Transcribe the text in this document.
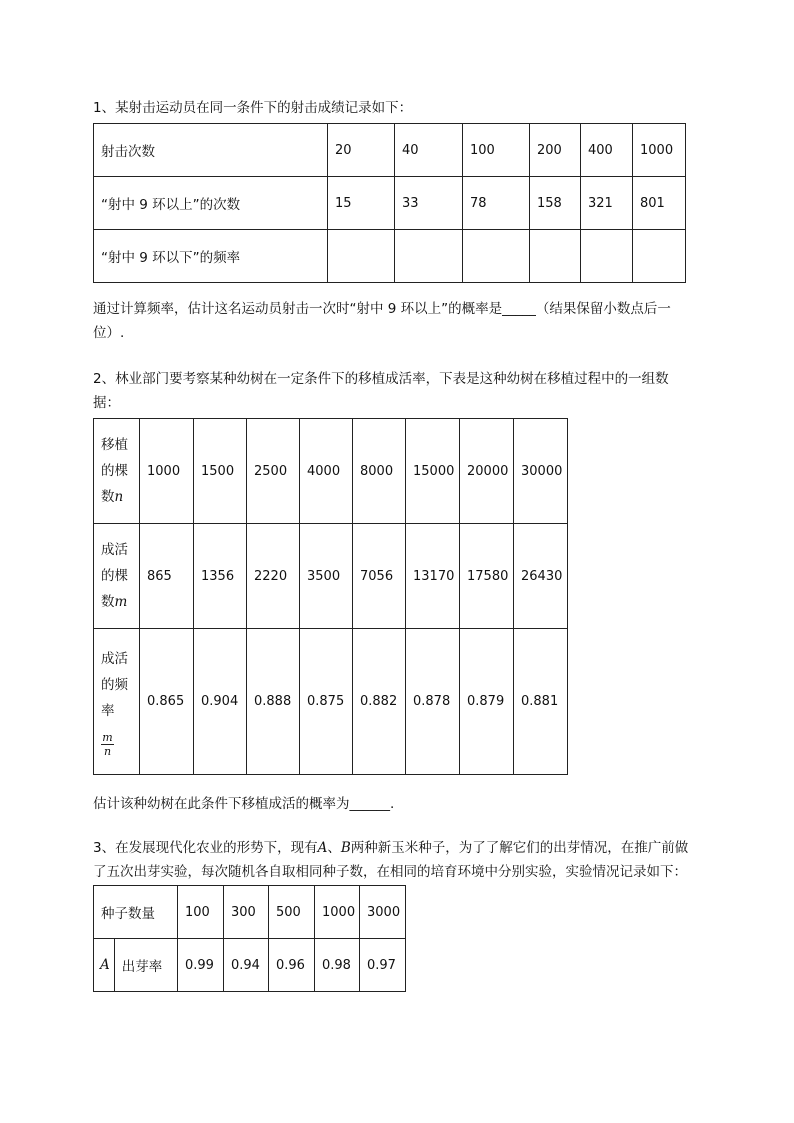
1、某射击运动员在同一条件下的射击成绩记录如下：

射击次数	20	40	100	200	400	1000
“射中 9 环以上”的次数	15	33	78	158	321	801
“射中 9 环以下”的频率						

通过计算频率，估计这名运动员射击一次时“射中 9 环以上”的概率是_____（结果保留小数点后一
位）.

2、林业部门要考察某种幼树在一定条件下的移植成活率，下表是这种幼树在移植过程中的一组数
据：

移植
的棵
数n	1000	1500	2500	4000	8000	15000	20000	30000
成活
的棵
数m	865	1356	2220	3500	7056	13170	17580	26430
成活
的频
率

$\frac{m}{n}$	0.865	0.904	0.888	0.875	0.882	0.878	0.879	0.881

估计该种幼树在此条件下移植成活的概率为______.

3、在发展现代化农业的形势下，现有A、B两种新玉米种子，为了了解它们的出芽情况，在推广前做
了五次出芽实验，每次随机各自取相同种子数，在相同的培育环境中分别实验，实验情况记录如下：

种子数量		100	300	500	1000	3000
A	出芽率	0.99	0.94	0.96	0.98	0.97
